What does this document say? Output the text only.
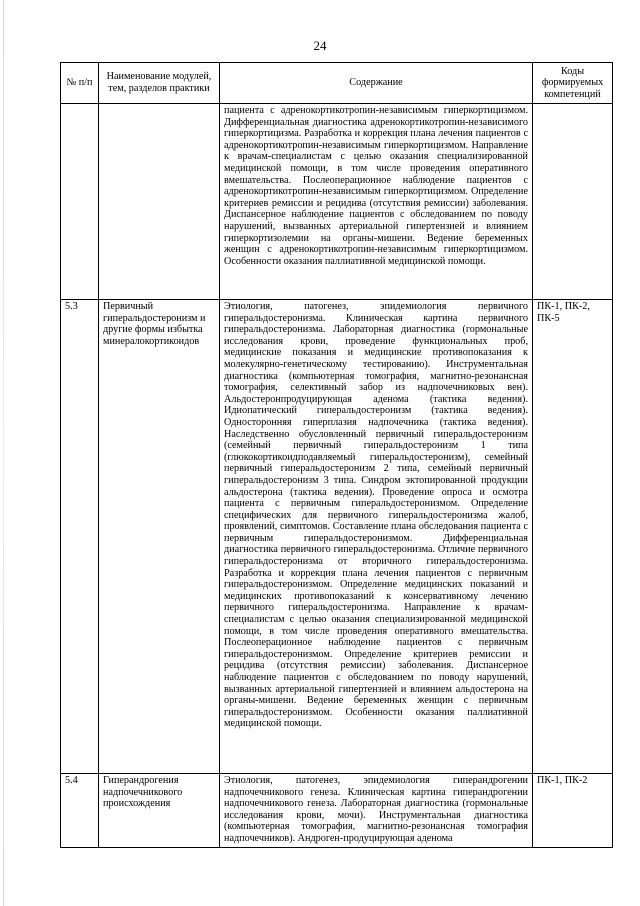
24
№ п/п	Наименование модулей, тем, разделов практики	Содержание	Коды формируемых компетенций
		пациента с адренокортикотропин-независимым гиперкортицизмом. Дифференциальная диагностика адренокортикотропин-независимого гиперкортицизма. Разработка и коррекция плана лечения пациентов с адренокортикотропин-независимым гиперкортицизмом. Направление к врачам-специалистам с целью оказания специализированной медицинской помощи, в том числе проведения оперативного вмешательства. Послеоперационное наблюдение пациентов с адренокортикотропин-независимым гиперкортицизмом. Определение критериев ремиссии и рецидива (отсутствия ремиссии) заболевания. Диспансерное наблюдение пациентов с обследованием по поводу нарушений, вызванных артериальной гипертензией и влиянием гиперкортизолемии на органы-мишени. Ведение беременных женщин с адренокортикотропин-независимым гиперкортицизмом. Особенности оказания паллиативной медицинской помощи.	
5.3	Первичный гиперальдостеронизм и другие формы избытка минералокортикоидов	Этиология, патогенез, эпидемиология первичного гиперальдостеронизма. Клиническая картина первичного гиперальдостеронизма. Лабораторная диагностика (гормональные исследования крови, проведение функциональных проб, медицинские показания и медицинские противопоказания к молекулярно-генетическому тестированию). Инструментальная диагностика (компьютерная томография, магнитно-резонансная томография, селективный забор из надпочечниковых вен). Альдостеронпродуцирующая аденома (тактика ведения). Идиопатический гиперальдостеронизм (тактика ведения). Односторонняя гиперплазия надпочечника (тактика ведения). Наследственно обусловленный первичный гиперальдостеронизм (семейный первичный гиперальдостеронизм 1 типа (глюкокортикоидподавляемый гиперальдостеронизм), семейный первичный гиперальдостеронизм 2 типа, семейный первичный гиперальдостеронизм 3 типа. Синдром эктопированной продукции альдостерона (тактика ведения). Проведение опроса и осмотра пациента с первичным гиперальдостеронизмом. Определение специфических для первичного гиперальдостеронизма жалоб, проявлений, симптомов. Составление плана обследования пациента с первичным гиперальдостеронизмом. Дифференциальная диагностика первичного гиперальдостеронизма. Отличие первичного гиперальдостеронизма от вторичного гиперальдостеронизма. Разработка и коррекция плана лечения пациентов с первичным гиперальдостеронизмом. Определение медицинских показаний и медицинских противопоказаний к консервативному лечению первичного гиперальдостеронизма. Направление к врачам-специалистам с целью оказания специализированной медицинской помощи, в том числе проведения оперативного вмешательства. Послеоперационное наблюдение пациентов с первичным гиперальдостеронизмом. Определение критериев ремиссии и рецидива (отсутствия ремиссии) заболевания. Диспансерное наблюдение пациентов с обследованием по поводу нарушений, вызванных артериальной гипертензией и влиянием альдостерона на органы-мишени. Ведение беременных женщин с первичным гиперальдостеронизмом. Особенности оказания паллиативной медицинской помощи.	ПК-1, ПК-2, ПК-5
5.4	Гиперандрогения надпочечникового происхождения	Этиология, патогенез, эпидемиология гиперандрогении надпочечникового генеза. Клиническая картина гиперандрогении надпочечникового генеза. Лабораторная диагностика (гормональные исследования крови, мочи). Инструментальная диагностика (компьютерная томография, магнитно-резонансная томография надпочечников). Андроген-продуцирующая аденома	ПК-1, ПК-2
